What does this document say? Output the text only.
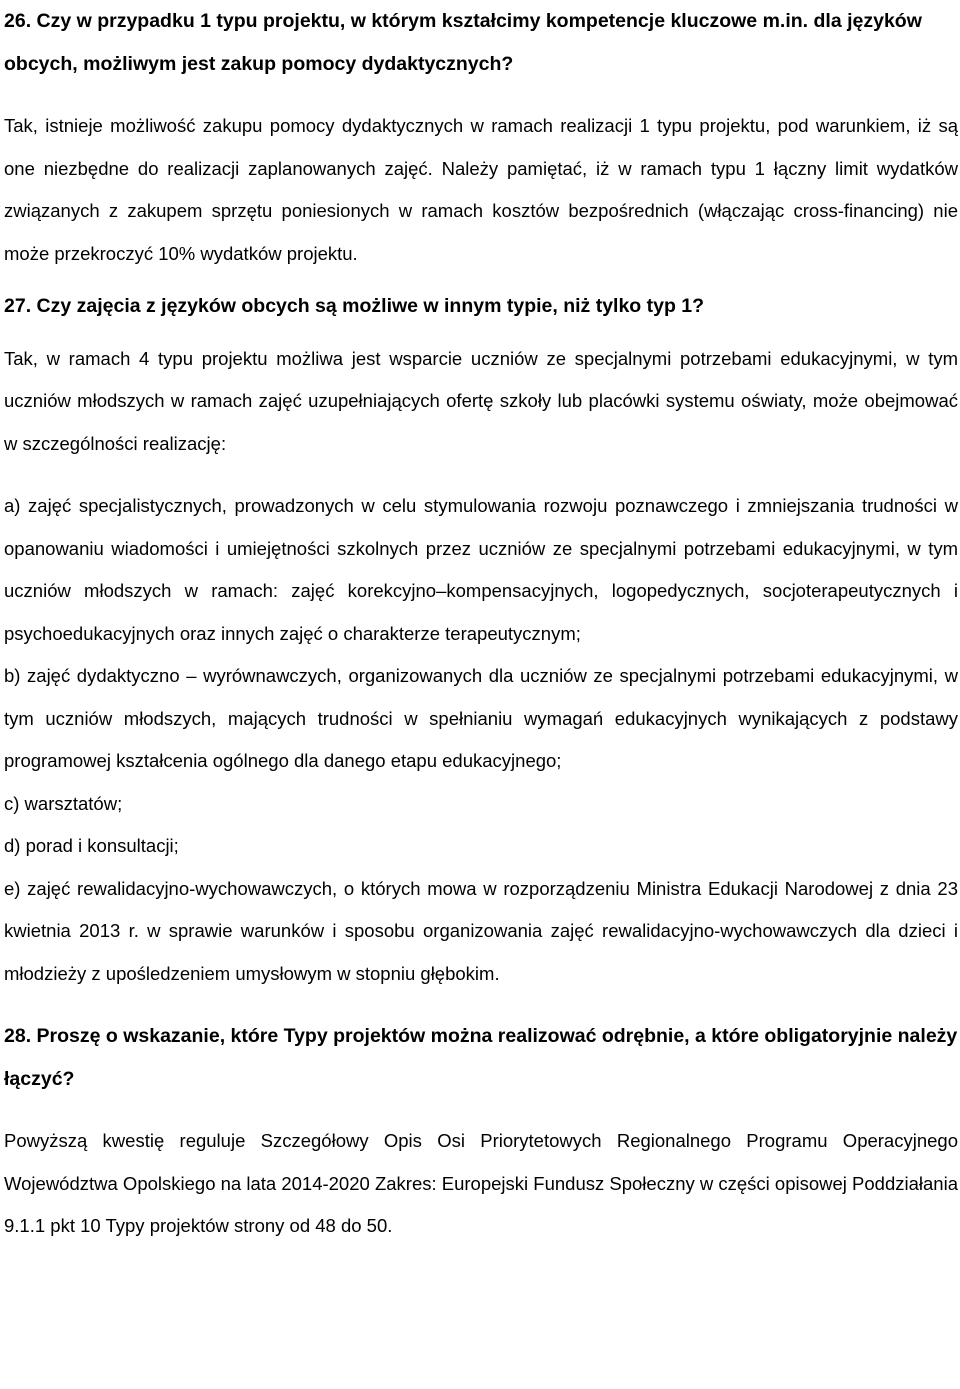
26. Czy w przypadku 1 typu projektu, w którym kształcimy kompetencje kluczowe m.in. dla języków obcych, możliwym jest zakup pomocy dydaktycznych?

Tak, istnieje możliwość zakupu pomocy dydaktycznych w ramach realizacji 1 typu projektu, pod warunkiem, iż są one niezbędne do realizacji zaplanowanych zajęć. Należy pamiętać, iż w ramach typu 1 łączny limit wydatków związanych z zakupem sprzętu poniesionych w ramach kosztów bezpośrednich (włączając cross-financing) nie może przekroczyć 10% wydatków projektu.

27. Czy zajęcia z języków obcych są możliwe w innym typie, niż tylko typ 1?

Tak, w ramach 4 typu projektu możliwa jest wsparcie uczniów ze specjalnymi potrzebami edukacyjnymi, w tym uczniów młodszych w ramach zajęć uzupełniających ofertę szkoły lub placówki systemu oświaty, może obejmować w szczególności realizację:

a) zajęć specjalistycznych, prowadzonych w celu stymulowania rozwoju poznawczego i zmniejszania trudności w opanowaniu wiadomości i umiejętności szkolnych przez uczniów ze specjalnymi potrzebami edukacyjnymi, w tym uczniów młodszych w ramach: zajęć korekcyjno–kompensacyjnych, logopedycznych, socjoterapeutycznych i psychoedukacyjnych oraz innych zajęć o charakterze terapeutycznym;

b) zajęć dydaktyczno – wyrównawczych, organizowanych dla uczniów ze specjalnymi potrzebami edukacyjnymi, w tym uczniów młodszych, mających trudności w spełnianiu wymagań edukacyjnych wynikających z podstawy programowej kształcenia ogólnego dla danego etapu edukacyjnego;

c) warsztatów;

d) porad i konsultacji;

e) zajęć rewalidacyjno-wychowawczych, o których mowa w rozporządzeniu Ministra Edukacji Narodowej z dnia 23 kwietnia 2013 r. w sprawie warunków i sposobu organizowania zajęć rewalidacyjno-wychowawczych dla dzieci i młodzieży z upośledzeniem umysłowym w stopniu głębokim.

28. Proszę o wskazanie, które Typy projektów można realizować odrębnie, a które obligatoryjnie należy łączyć?

Powyższą kwestię reguluje Szczegółowy Opis Osi Priorytetowych Regionalnego Programu Operacyjnego Województwa Opolskiego na lata 2014-2020 Zakres: Europejski Fundusz Społeczny w części opisowej Poddziałania 9.1.1 pkt 10 Typy projektów strony od 48 do 50.
